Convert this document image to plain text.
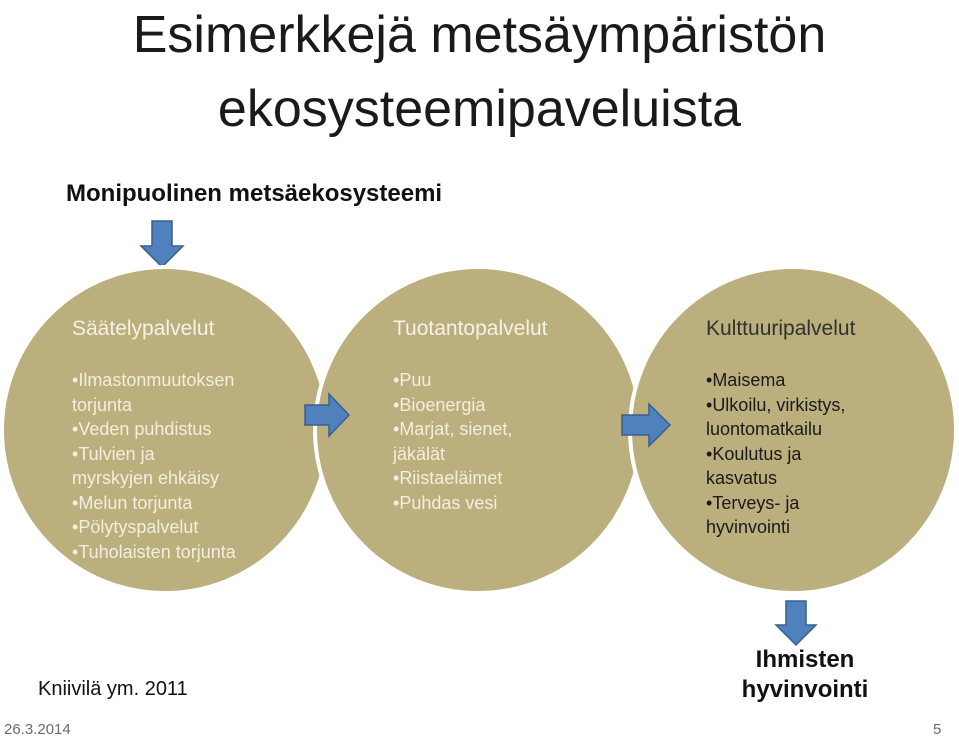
Esimerkkejä metsäympäristön
ekosysteemipaveluista
Monipuolinen metsäekosysteemi
Säätelypalvelut
• Ilmastonmuutoksen
torjunta
• Veden puhdistus
• Tulvien ja
myrskyjen ehkäisy
• Melun torjunta
• Pölytyspalvelut
• Tuholaisten torjunta
Tuotantopalvelut
• Puu
• Bioenergia
• Marjat, sienet,
jäkälät
• Riistaeläimet
• Puhdas vesi
Kulttuuripalvelut
• Maisema
• Ulkoilu, virkistys,
luontomatkailu
• Koulutus ja
kasvatus
• Terveys- ja
hyvinvointi
Ihmisten
hyvinvointi
Kniivilä ym. 2011
26.3.2014	5
